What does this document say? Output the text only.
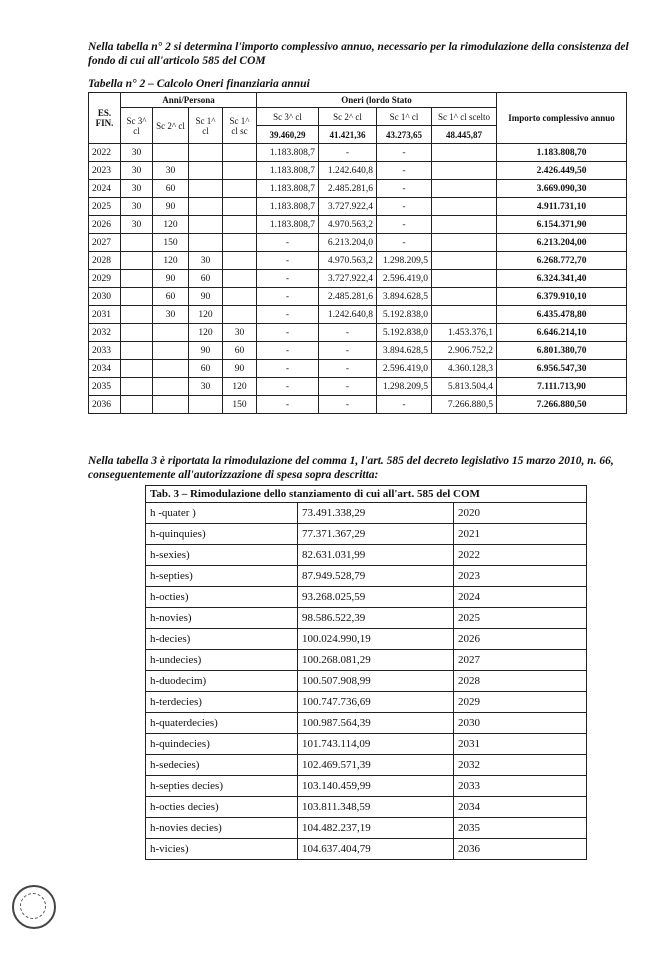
Nella tabella n° 2 si determina l'importo complessivo annuo, necessario per la rimodulazione della consistenza del fondo di cui all'articolo 585 del COM
Tabella n° 2 – Calcolo Oneri finanziaria annui
ES. FIN.	Anni/Persona				Oneri (lordo Stato				Importo complessivo annuo
	Sc 3^ cl	Sc 2^ cl	Sc 1^ cl	Sc 1^ cl sc	Sc 3^ cl	Sc 2^ cl	Sc 1^ cl	Sc 1^ cl scelto	
					39.460,29	41.421,36	43.273,65	48.445,87	
2022	30				1.183.808,7	-	-		1.183.808,70
2023	30	30			1.183.808,7	1.242.640,8	-		2.426.449,50
2024	30	60			1.183.808,7	2.485.281,6	-		3.669.090,30
2025	30	90			1.183.808,7	3.727.922,4	-		4.911.731,10
2026	30	120			1.183.808,7	4.970.563,2	-		6.154.371,90
2027		150			-	6.213.204,0	-		6.213.204,00
2028		120	30		-	4.970.563,2	1.298.209,5		6.268.772,70
2029		90	60		-	3.727.922,4	2.596.419,0		6.324.341,40
2030		60	90		-	2.485.281,6	3.894.628,5		6.379.910,10
2031		30	120		-	1.242.640,8	5.192.838,0		6.435.478,80
2032			120	30	-	-	5.192.838,0	1.453.376,1	6.646.214,10
2033			90	60	-	-	3.894.628,5	2.906.752,2	6.801.380,70
2034			60	90	-	-	2.596.419,0	4.360.128,3	6.956.547,30
2035			30	120	-	-	1.298.209,5	5.813.504,4	7.111.713,90
2036				150	-	-	-	7.266.880,5	7.266.880,50
Nella tabella 3 è riportata la rimodulazione del comma 1, l'art. 585 del decreto legislativo 15 marzo 2010, n. 66, conseguentemente all'autorizzazione di spesa sopra descritta:
Tab. 3 – Rimodulazione dello stanziamento di cui all'art. 585 del COM		
h -quater )	73.491.338,29	2020
h-quinquies)	77.371.367,29	2021
h-sexies)	82.631.031,99	2022
h-septies)	87.949.528,79	2023
h-octies)	93.268.025,59	2024
h-novies)	98.586.522,39	2025
h-decies)	100.024.990,19	2026
h-undecies)	100.268.081,29	2027
h-duodecim)	100.507.908,99	2028
h-terdecies)	100.747.736,69	2029
h-quaterdecies)	100.987.564,39	2030
h-quindecies)	101.743.114,09	2031
h-sedecies)	102.469.571,39	2032
h-septies decies)	103.140.459,99	2033
h-octies decies)	103.811.348,59	2034
h-novies decies)	104.482.237,19	2035
h-vicies)	104.637.404,79	2036
